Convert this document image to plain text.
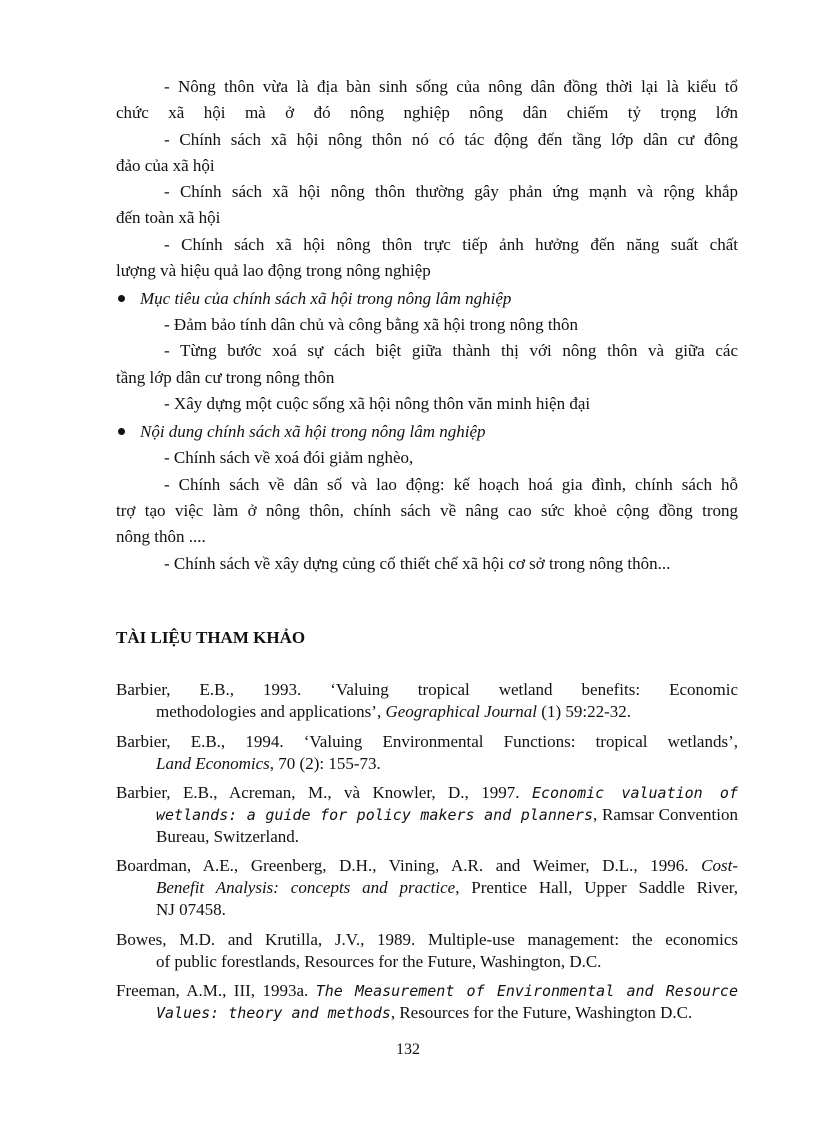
- Nông thôn vừa là địa bàn sinh sống của nông dân đồng thời lại là kiểu tổ
chức xã hội mà ở đó nông nghiệp nông dân chiếm tỷ trọng lớn
- Chính sách xã hội nông thôn nó có tác động đến tầng lớp dân cư đông
đảo của xã hội
- Chính sách xã hội nông thôn thường gây phản ứng mạnh và rộng khắp
đến toàn xã hội
- Chính sách xã hội nông thôn trực tiếp ảnh hưởng đến năng suất chất
lượng và hiệu quả lao động trong nông nghiệp
Mục tiêu của chính sách xã hội trong nông lâm nghiệp
- Đảm bảo tính dân chủ và công bằng xã hội trong nông thôn
- Từng bước xoá sự cách biệt giữa thành thị với nông thôn và giữa các
tầng lớp dân cư trong nông thôn
- Xây dựng một cuộc sống xã hội nông thôn văn minh hiện đại
Nội dung chính sách xã hội trong nông lâm nghiệp
- Chính sách về xoá đói giảm nghèo,
- Chính sách về dân số và lao động: kế hoạch hoá gia đình, chính sách hỗ
trợ tạo việc làm ở nông thôn, chính sách về nâng cao sức khoẻ cộng đồng trong
nông thôn ....
- Chính sách về xây dựng củng cố thiết chế xã hội cơ sở trong nông thôn...
TÀI LIỆU THAM KHẢO
Barbier, E.B., 1993. ‘Valuing tropical wetland benefits: Economic
methodologies and applications’, Geographical Journal (1) 59:22-32.
Barbier, E.B., 1994. ‘Valuing Environmental Functions: tropical wetlands’,
Land Economics, 70 (2): 155-73.
Barbier, E.B., Acreman, M., và Knowler, D., 1997. Economic valuation of
wetlands: a guide for policy makers and planners, Ramsar Convention
Bureau, Switzerland.
Boardman, A.E., Greenberg, D.H., Vining, A.R. and Weimer, D.L., 1996. Cost-
Benefit Analysis: concepts and practice, Prentice Hall, Upper Saddle River,
NJ 07458.
Bowes, M.D. and Krutilla, J.V., 1989. Multiple-use management: the economics
of public forestlands, Resources for the Future, Washington, D.C.
Freeman, A.M., III, 1993a. The Measurement of Environmental and Resource
Values: theory and methods, Resources for the Future, Washington D.C.
132
